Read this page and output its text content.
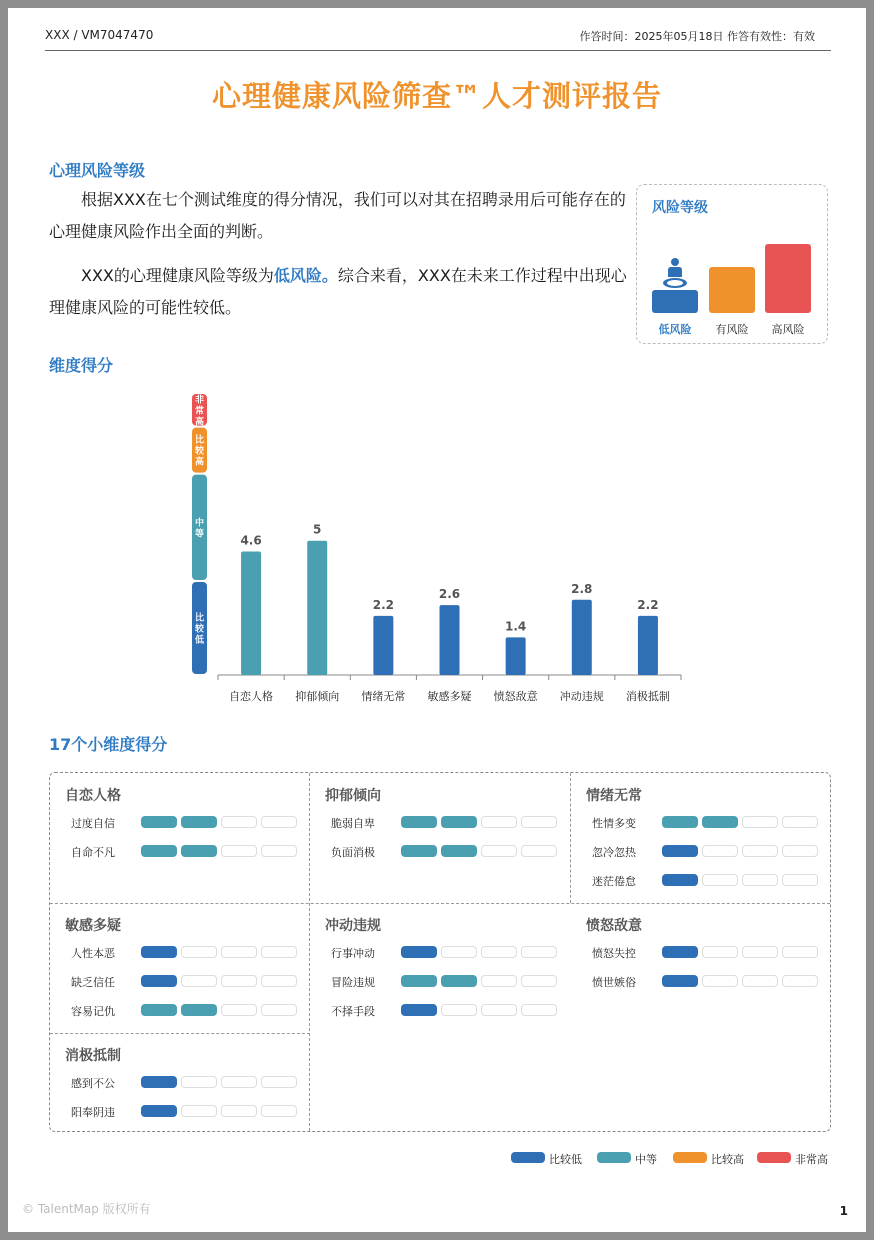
XXX / VM7047470	作答时间：2025年05月18日 作答有效性：有效
心理健康风险筛查™人才测评报告
心理风险等级
根据XXX在七个测试维度的得分情况，我们可以对其在招聘录用后可能存在的心理健康风险作出全面的判断。
XXX的心理健康风险等级为低风险。综合来看，XXX在未来工作过程中出现心理健康风险的可能性较低。
风险等级
低风险	有风险	高风险
维度得分
比
较
低
中
等
比
较
高
非
常
高
4.6
自恋人格
5
抑郁倾向
2.2
情绪无常
2.6
敏感多疑
1.4
愤怒敌意
2.8
冲动违规
2.2
消极抵制
17个小维度得分
自恋人格
过度自信
自命不凡
抑郁倾向
脆弱自卑
负面消极
情绪无常
性情多变
忽冷忽热
迷茫倦怠
敏感多疑
人性本恶
缺乏信任
容易记仇
冲动违规
行事冲动
冒险违规
不择手段
愤怒敌意
愤怒失控
愤世嫉俗
消极抵制
感到不公
阳奉阴违
比较低	中等	比较高	非常高
© TalentMap 版权所有	1
